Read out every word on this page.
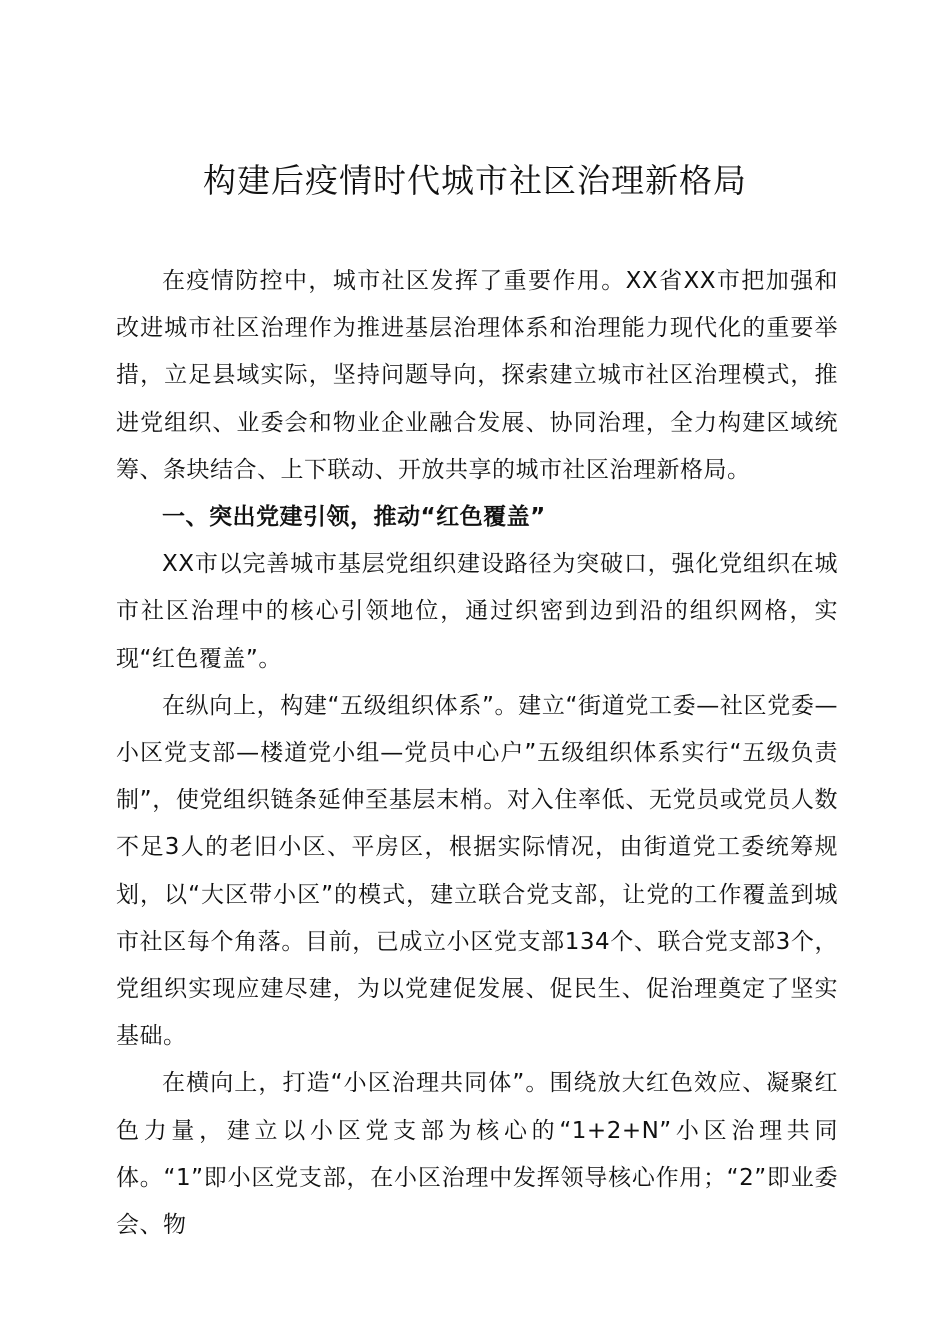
构建后疫情时代城市社区治理新格局

在疫情防控中，城市社区发挥了重要作用。XX省XX市把加强和改进城市社区治理作为推进基层治理体系和治理能力现代化的重要举措，立足县域实际，坚持问题导向，探索建立城市社区治理模式，推进党组织、业委会和物业企业融合发展、协同治理，全力构建区域统筹、条块结合、上下联动、开放共享的城市社区治理新格局。

一、突出党建引领，推动“红色覆盖”

XX市以完善城市基层党组织建设路径为突破口，强化党组织在城市社区治理中的核心引领地位，通过织密到边到沿的组织网格，实现“红色覆盖”。

在纵向上，构建“五级组织体系”。建立“街道党工委—社区党委—小区党支部—楼道党小组—党员中心户”五级组织体系实行“五级负责制”，使党组织链条延伸至基层末梢。对入住率低、无党员或党员人数不足3人的老旧小区、平房区，根据实际情况，由街道党工委统筹规划，以“大区带小区”的模式，建立联合党支部，让党的工作覆盖到城市社区每个角落。目前，已成立小区党支部134个、联合党支部3个，党组织实现应建尽建，为以党建促发展、促民生、促治理奠定了坚实基础。

在横向上，打造“小区治理共同体”。围绕放大红色效应、凝聚红色力量，建立以小区党支部为核心的“1+2+N”小区治理共同体。“1”即小区党支部，在小区治理中发挥领导核心作用；“2”即业委会、物
